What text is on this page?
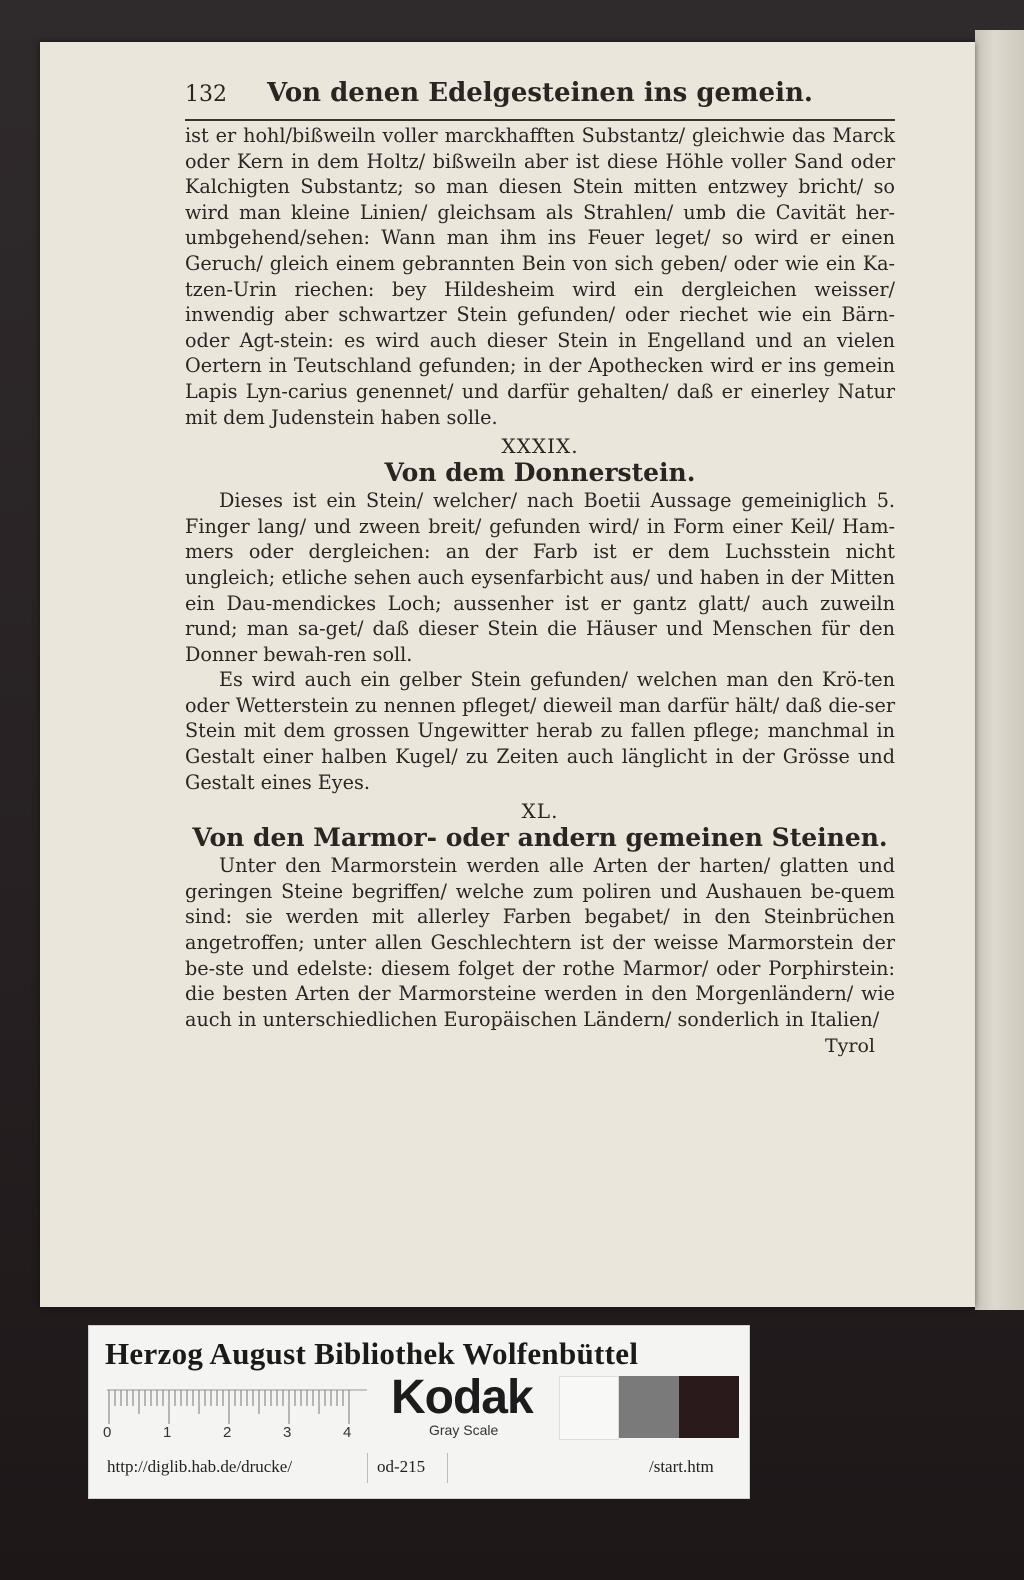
132	Von denen Edelgesteinen ins gemein.

ist er hohl/bißweiln voller marckhafften Substantz/ gleichwie das Marck oder Kern in dem Holtz/ bißweiln aber ist diese Höhle voller Sand oder Kalchigten Substantz; so man diesen Stein mitten entzwey bricht/ so wird man kleine Linien/ gleichsam als Strahlen/ umb die Cavität her-umbgehend/sehen: Wann man ihm ins Feuer leget/ so wird er einen Geruch/ gleich einem gebrannten Bein von sich geben/ oder wie ein Ka-tzen-Urin riechen: bey Hildesheim wird ein dergleichen weisser/ inwendig aber schwartzer Stein gefunden/ oder riechet wie ein Bärn- oder Agt-stein: es wird auch dieser Stein in Engelland und an vielen Oertern in Teutschland gefunden; in der Apothecken wird er ins gemein Lapis Lyn-carius genennet/ und darfür gehalten/ daß er einerley Natur mit dem Judenstein haben solle.

XXXIX.

Von dem Donnerstein.

Dieses ist ein Stein/ welcher/ nach Boetii Aussage gemeiniglich 5. Finger lang/ und zween breit/ gefunden wird/ in Form einer Keil/ Ham-mers oder dergleichen: an der Farb ist er dem Luchsstein nicht ungleich; etliche sehen auch eysenfarbicht aus/ und haben in der Mitten ein Dau-mendickes Loch; aussenher ist er gantz glatt/ auch zuweiln rund; man sa-get/ daß dieser Stein die Häuser und Menschen für den Donner bewah-ren soll.

Es wird auch ein gelber Stein gefunden/ welchen man den Krö-ten oder Wetterstein zu nennen pfleget/ dieweil man darfür hält/ daß die-ser Stein mit dem grossen Ungewitter herab zu fallen pflege; manchmal in Gestalt einer halben Kugel/ zu Zeiten auch länglicht in der Grösse und Gestalt eines Eyes.

XL.

Von den Marmor- oder andern gemeinen Steinen.

Unter den Marmorstein werden alle Arten der harten/ glatten und geringen Steine begriffen/ welche zum poliren und Aushauen be-quem sind: sie werden mit allerley Farben begabet/ in den Steinbrüchen angetroffen; unter allen Geschlechtern ist der weisse Marmorstein der be-ste und edelste: diesem folget der rothe Marmor/ oder Porphirstein: die besten Arten der Marmorsteine werden in den Morgenländern/ wie auch in unterschiedlichen Europäischen Ländern/ sonderlich in Italien/

Tyrol
Herzog August Bibliothek Wolfenbüttel
0	1	2	3	4
Kodak
Gray Scale
http://diglib.hab.de/drucke/	od-215	/start.htm
